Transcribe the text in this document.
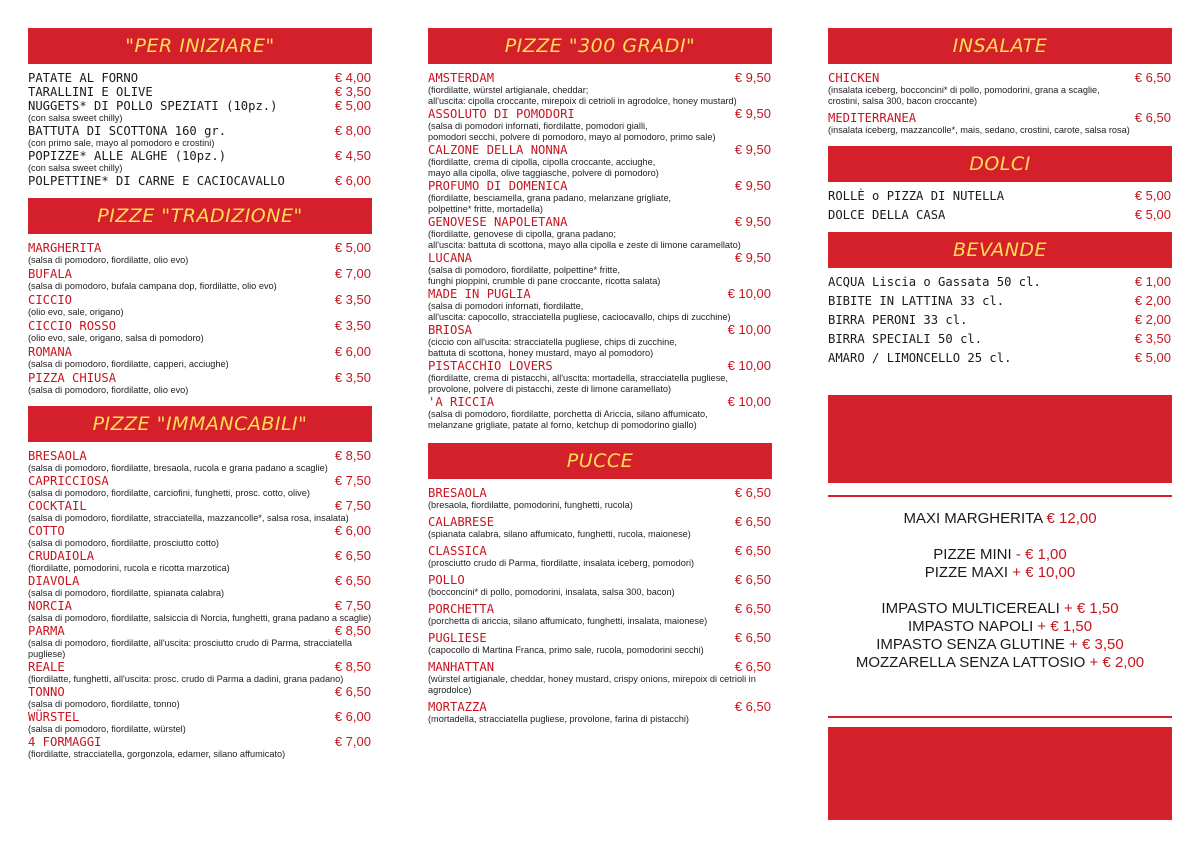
"PER INIZIARE"
PATATE AL FORNO	€ 4,00
TARALLINI E OLIVE	€ 3,50
NUGGETS* DI POLLO SPEZIATI (10pz.)	€ 5,00
(con salsa sweet chilly)
BATTUTA DI SCOTTONA 160 gr.	€ 8,00
(con primo sale, mayo al pomodoro e crostini)
POPIZZE* ALLE ALGHE (10pz.)	€ 4,50
(con salsa sweet chilly)
POLPETTINE* DI CARNE E CACIOCAVALLO	€ 6,00
PIZZE "TRADIZIONE"
MARGHERITA	€ 5,00
(salsa di pomodoro, fiordilatte, olio evo)
BUFALA	€ 7,00
(salsa di pomodoro, bufala campana dop, fiordilatte, olio evo)
CICCIO	€ 3,50
(olio evo, sale, origano)
CICCIO ROSSO	€ 3,50
(olio evo, sale, origano, salsa di pomodoro)
ROMANA	€ 6,00
(salsa di pomodoro, fiordilatte, capperi, acciughe)
PIZZA CHIUSA	€ 3,50
(salsa di pomodoro, fiordilatte, olio evo)
PIZZE "IMMANCABILI"
BRESAOLA	€ 8,50
(salsa di pomodoro, fiordilatte, bresaola, rucola e grana padano a scaglie)
CAPRICCIOSA	€ 7,50
(salsa di pomodoro, fiordilatte, carciofini, funghetti, prosc. cotto, olive)
COCKTAIL	€ 7,50
(salsa di pomodoro, fiordilatte, stracciatella, mazzancolle*, salsa rosa, insalata)
COTTO	€ 6,00
(salsa di pomodoro, fiordilatte, prosciutto cotto)
CRUDAIOLA	€ 6,50
(fiordilatte, pomodorini, rucola e ricotta marzotica)
DIAVOLA	€ 6,50
(salsa di pomodoro, fiordilatte, spianata calabra)
NORCIA	€ 7,50
(salsa di pomodoro, fiordilatte, salsiccia di Norcia, funghetti, grana padano a scaglie)
PARMA	€ 8,50
(salsa di pomodoro, fiordilatte, all'uscita: prosciutto crudo di Parma, stracciatella pugliese)
REALE	€ 8,50
(fiordilatte, funghetti, all'uscita: prosc. crudo di Parma a dadini, grana padano)
TONNO	€ 6,50
(salsa di pomodoro, fiordilatte, tonno)
WÜRSTEL	€ 6,00
(salsa di pomodoro, fiordilatte, würstel)
4 FORMAGGI	€ 7,00
(fiordilatte, stracciatella, gorgonzola, edamer, silano affumicato)
PIZZE "300 GRADI"
AMSTERDAM	€ 9,50
(fiordilatte, würstel artigianale, cheddar;
all'uscita: cipolla croccante, mirepoix di cetrioli in agrodolce, honey mustard)
ASSOLUTO DI POMODORI	€ 9,50
(salsa di pomodori infornati, fiordilatte, pomodori gialli,
pomodori secchi, polvere di pomodoro, mayo al pomodoro, primo sale)
CALZONE DELLA NONNA	€ 9,50
(fiordilatte, crema di cipolla, cipolla croccante, acciughe,
mayo alla cipolla, olive taggiasche, polvere di pomodoro)
PROFUMO DI DOMENICA	€ 9,50
(fiordilatte, besciamella, grana padano, melanzane grigliate,
polpettine* fritte, mortadella)
GENOVESE NAPOLETANA	€ 9,50
(fiordilatte, genovese di cipolla, grana padano;
all'uscita: battuta di scottona, mayo alla cipolla e zeste di limone caramellato)
LUCANA	€ 9,50
(salsa di pomodoro, fiordilatte, polpettine* fritte,
funghi pioppini, crumble di pane croccante, ricotta salata)
MADE IN PUGLIA	€ 10,00
(salsa di pomodori infornati, fiordilatte,
all'uscita: capocollo, stracciatella pugliese, caciocavallo, chips di zucchine)
BRIOSA	€ 10,00
(ciccio con all'uscita: stracciatella pugliese, chips di zucchine,
battuta di scottona, honey mustard, mayo al pomodoro)
PISTACCHIO LOVERS	€ 10,00
(fiordilatte, crema di pistacchi, all'uscita: mortadella, stracciatella pugliese,
provolone, polvere di pistacchi, zeste di limone caramellato)
'A RICCIA	€ 10,00
(salsa di pomodoro, fiordilatte, porchetta di Ariccia, silano affumicato,
melanzane grigliate, patate al forno, ketchup di pomodorino giallo)
PUCCE
BRESAOLA	€ 6,50
(bresaola, fiordilatte, pomodorini, funghetti, rucola)
CALABRESE	€ 6,50
(spianata calabra, silano affumicato, funghetti, rucola, maionese)
CLASSICA	€ 6,50
(prosciutto crudo di Parma, fiordilatte, insalata iceberg, pomodori)
POLLO	€ 6,50
(bocconcini* di pollo, pomodorini, insalata, salsa 300, bacon)
PORCHETTA	€ 6,50
(porchetta di ariccia, silano affumicato, funghetti, insalata, maionese)
PUGLIESE	€ 6,50
(capocollo di Martina Franca, primo sale, rucola, pomodorini secchi)
MANHATTAN	€ 6,50
(würstel artigianale, cheddar, honey mustard, crispy onions, mirepoix di cetrioli in agrodolce)
MORTAZZA	€ 6,50
(mortadella, stracciatella pugliese, provolone, farina di pistacchi)
INSALATE
CHICKEN	€ 6,50
(insalata iceberg, bocconcini* di pollo, pomodorini, grana a scaglie,
crostini, salsa 300, bacon croccante)
MEDITERRANEA	€ 6,50
(insalata iceberg, mazzancolle*, mais, sedano, crostini, carote, salsa rosa)
DOLCI
ROLLÈ o PIZZA DI NUTELLA	€ 5,00
DOLCE DELLA CASA	€ 5,00
BEVANDE
ACQUA Liscia o Gassata 50 cl.	€ 1,00
BIBITE IN LATTINA 33 cl.	€ 2,00
BIRRA PERONI 33 cl.	€ 2,00
BIRRA SPECIALI 50 cl.	€ 3,50
AMARO / LIMONCELLO 25 cl.	€ 5,00
MAXI MARGHERITA € 12,00
PIZZE MINI - € 1,00
PIZZE MAXI + € 10,00
IMPASTO MULTICEREALI + € 1,50
IMPASTO NAPOLI + € 1,50
IMPASTO SENZA GLUTINE + € 3,50
MOZZARELLA SENZA LATTOSIO + € 2,00
